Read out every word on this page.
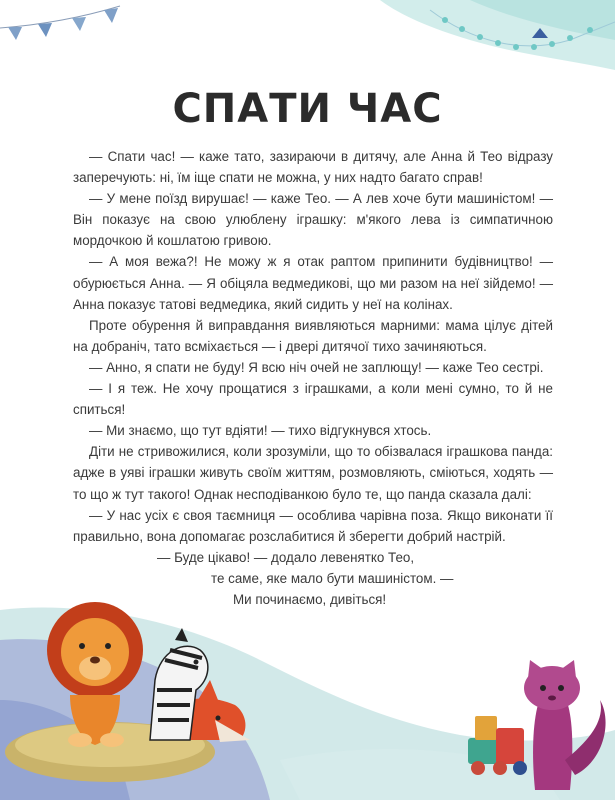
СПАТИ ЧАС

— Спати час! — каже тато, зазираючи в дитячу, але Анна й Тео відразу заперечують: ні, їм іще спати не можна, у них надто багато справ!

— У мене поїзд вирушає! — каже Тео. — А лев хоче бути машиністом! — Він показує на свою улюблену іграшку: м'якого лева із симпатичною мордочкою й кошлатою гривою.

— А моя вежа?! Не можу ж я отак раптом припинити будівництво! — обурюється Анна. — Я обіцяла ведмедикові, що ми разом на неї зійдемо! — Анна показує татові ведмедика, який сидить у неї на колінах.

Проте обурення й виправдання виявляються марними: мама цілує дітей на добраніч, тато всміхається — і двері дитячої тихо зачиняються.

— Анно, я спати не буду! Я всю ніч очей не заплющу! — каже Тео сестрі.

— І я теж. Не хочу прощатися з іграшками, а коли мені сумно, то й не спиться!

— Ми знаємо, що тут вдіяти! — тихо відгукнувся хтось.

Діти не стривожилися, коли зрозуміли, що то обізвалася іграшкова панда: адже в уяві іграшки живуть своїм життям, розмовляють, сміються, ходять — то що ж тут такого! Однак несподіванкою було те, що панда сказала далі:

— У нас усіх є своя таємниця — особлива чарівна поза. Якщо виконати її правильно, вона допомагає розслабитися й зберегти добрий настрій.

— Буде цікаво! — додало левенятко Тео,

те саме, яке мало бути машиністом. —

Ми починаємо, дивіться!
